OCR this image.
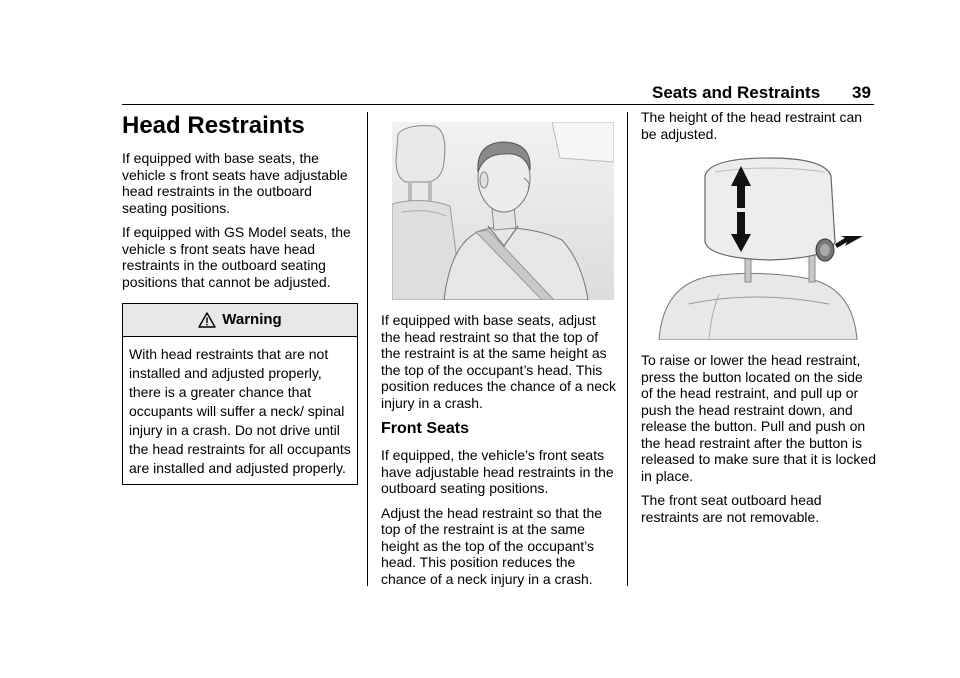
Seats and Restraints	39
Head Restraints

If equipped with base seats, the vehicle s front seats have adjustable head restraints in the outboard seating positions.

If equipped with GS Model seats, the vehicle s front seats have head restraints in the outboard seating positions that cannot be adjusted.

Warning
With head restraints that are not installed and adjusted properly, there is a greater chance that occupants will suffer a neck/ spinal injury in a crash. Do not drive until the head restraints for all occupants are installed and adjusted properly.

If equipped with base seats, adjust the head restraint so that the top of the restraint is at the same height as the top of the occupant’s head. This position reduces the chance of a neck injury in a crash.

Front Seats

If equipped, the vehicle’s front seats have adjustable head restraints in the outboard seating positions.

Adjust the head restraint so that the top of the restraint is at the same height as the top of the occupant’s head. This position reduces the chance of a neck injury in a crash.

The height of the head restraint can be adjusted.

To raise or lower the head restraint, press the button located on the side of the head restraint, and pull up or push the head restraint down, and release the button. Pull and push on the head restraint after the button is released to make sure that it is locked in place.

The front seat outboard head restraints are not removable.
